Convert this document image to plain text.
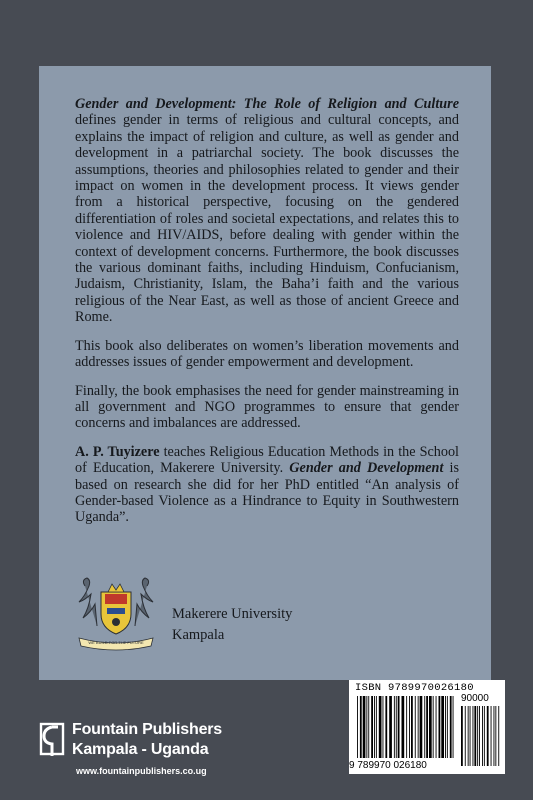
Gender and Development: The Role of Religion and Culture defines gender in terms of religious and cultural concepts, and explains the impact of religion and culture, as well as gender and development in a patriarchal society. The book discusses the assumptions, theories and philosophies related to gender and their impact on women in the development process. It views gender from a historical perspective, focusing on the gendered differentiation of roles and societal expectations, and relates this to violence and HIV/AIDS, before dealing with gender within the context of development concerns. Furthermore, the book discusses the various dominant faiths, including Hinduism, Confucianism, Judaism, Christianity, Islam, the Baha’i faith and the various religious of the Near East, as well as those of ancient Greece and Rome.

This book also deliberates on women’s liberation movements and addresses issues of gender empowerment and development.

Finally, the book emphasises the need for gender mainstreaming in all government and NGO programmes to ensure that gender concerns and imbalances are addressed.

A. P. Tuyizere teaches Religious Education Methods in the School of Education, Makerere University. Gender and Development is based on research she did for her PhD entitled “An analysis of Gender-based Violence as a Hindrance to Equity in Southwestern Uganda”.

WE BUILD FOR THE FUTURE
Makerere University
Kampala
Fountain Publishers
Kampala - Uganda
www.fountainpublishers.co.ug
ISBN 9789970026180
90000
9 789970 026180
